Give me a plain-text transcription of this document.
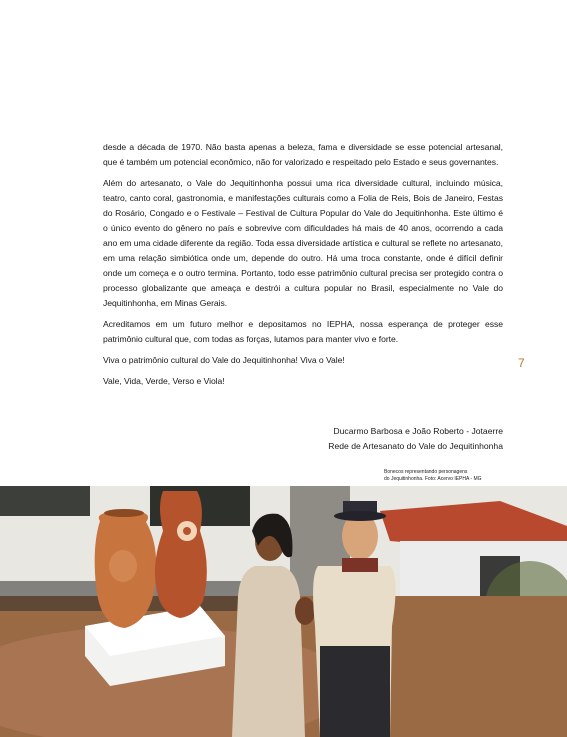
desde a década de 1970. Não basta apenas a beleza, fama e diversidade se esse potencial artesanal, que é também um potencial econômico, não for valorizado e respeitado pelo Estado e seus governantes.

Além do artesanato, o Vale do Jequitinhonha possui uma rica diversidade cultural, incluindo música, teatro, canto coral, gastronomia, e manifestações culturais como a Folia de Reis, Bois de Janeiro, Festas do Rosário, Congado e o Festivale – Festival de Cultura Popular do Vale do Jequitinhonha. Este último é o único evento do gênero no país e sobrevive com dificuldades há mais de 40 anos, ocorrendo a cada ano em uma cidade diferente da região. Toda essa diversidade artística e cultural se reflete no artesanato, em uma relação simbiótica onde um, depende do outro. Há uma troca constante, onde é difícil definir onde um começa e o outro termina. Portanto, todo esse patrimônio cultural precisa ser protegido contra o processo globalizante que ameaça e destrói a cultura popular no Brasil, especialmente no Vale do Jequitinhonha, em Minas Gerais.

Acreditamos em um futuro melhor e depositamos no IEPHA, nossa esperança de proteger esse patrimônio cultural que, com todas as forças, lutamos para manter vivo e forte.

Viva o patrimônio cultural do Vale do Jequitinhonha! Viva o Vale!

Vale, Vida, Verde, Verso e Viola!

Ducarmo Barbosa e João Roberto - Jotaerre
Rede de Artesanato do Vale do Jequitinhonha
7
Bonecos representando personagens
do Jequitinhonha. Foto: Acervo IEPHA - MG
